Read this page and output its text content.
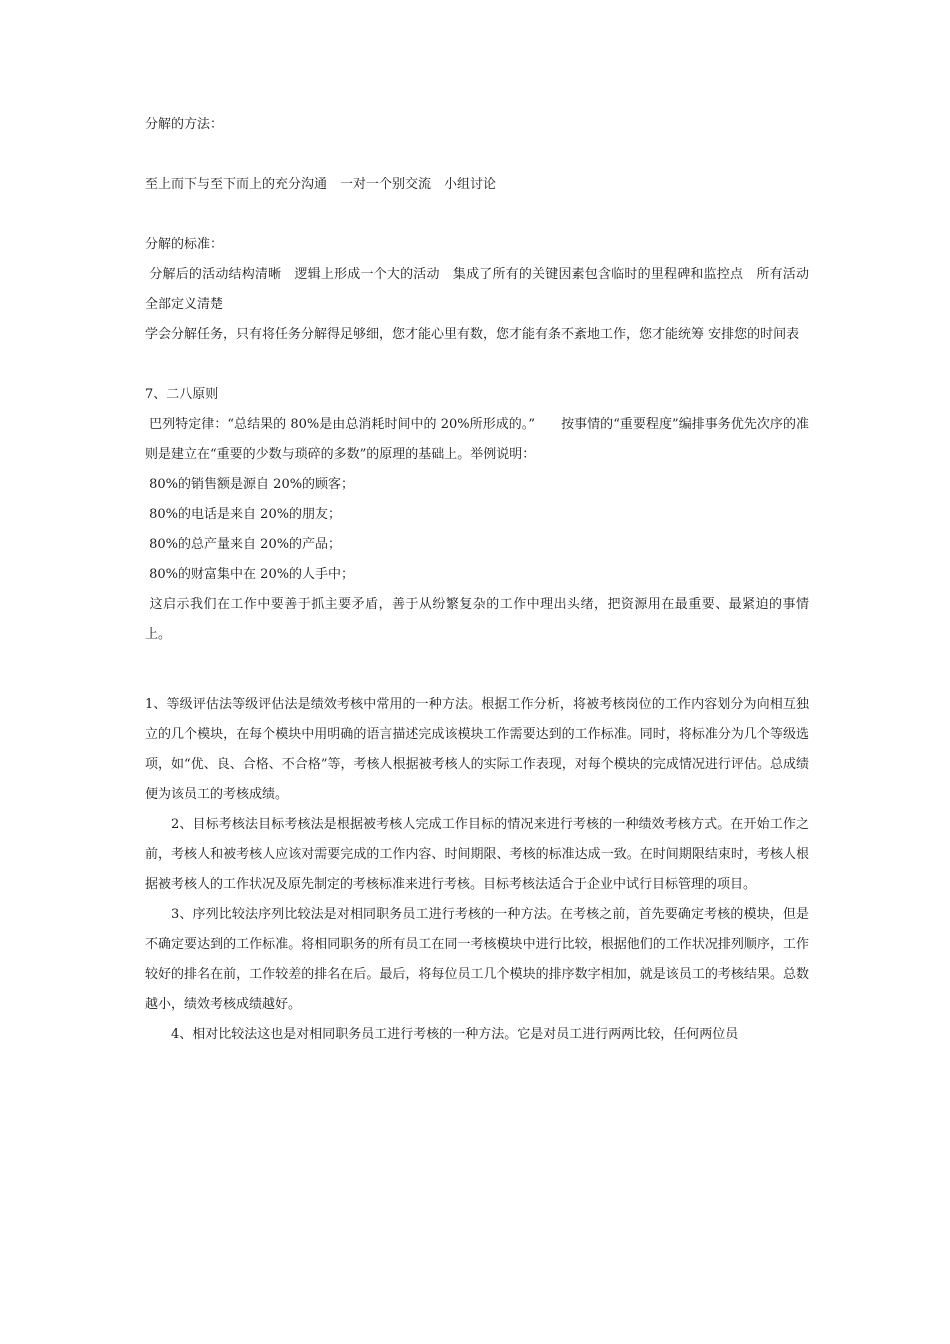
分解的方法：

至上而下与至下而上的充分沟通　一对一个别交流　小组讨论

分解的标准：

分解后的活动结构清晰　逻辑上形成一个大的活动　集成了所有的关键因素包含临时的里程碑和监控点　所有活动全部定义清楚

学会分解任务，只有将任务分解得足够细，您才能心里有数，您才能有条不紊地工作，您才能统筹 安排您的时间表

7、二八原则

巴列特定律：“总结果的 80%是由总消耗时间中的 20%所形成的。”　　按事情的“重要程度”编排事务优先次序的准则是建立在“重要的少数与琐碎的多数”的原理的基础上。举例说明：

80%的销售额是源自 20%的顾客；

80%的电话是来自 20%的朋友；

80%的总产量来自 20%的产品；

80%的财富集中在 20%的人手中；

这启示我们在工作中要善于抓主要矛盾，善于从纷繁复杂的工作中理出头绪，把资源用在最重要、最紧迫的事情上。

1、等级评估法等级评估法是绩效考核中常用的一种方法。根据工作分析，将被考核岗位的工作内容划分为向相互独立的几个模块，在每个模块中用明确的语言描述完成该模块工作需要达到的工作标准。同时，将标准分为几个等级选项，如“优、良、合格、不合格”等，考核人根据被考核人的实际工作表现，对每个模块的完成情况进行评估。总成绩便为该员工的考核成绩。

2、目标考核法目标考核法是根据被考核人完成工作目标的情况来进行考核的一种绩效考核方式。在开始工作之前，考核人和被考核人应该对需要完成的工作内容、时间期限、考核的标准达成一致。在时间期限结束时，考核人根据被考核人的工作状况及原先制定的考核标准来进行考核。目标考核法适合于企业中试行目标管理的项目。

3、序列比较法序列比较法是对相同职务员工进行考核的一种方法。在考核之前，首先要确定考核的模块，但是不确定要达到的工作标准。将相同职务的所有员工在同一考核模块中进行比较，根据他们的工作状况排列顺序，工作较好的排名在前，工作较差的排名在后。最后，将每位员工几个模块的排序数字相加，就是该员工的考核结果。总数越小，绩效考核成绩越好。

4、相对比较法这也是对相同职务员工进行考核的一种方法。它是对员工进行两两比较，任何两位员
